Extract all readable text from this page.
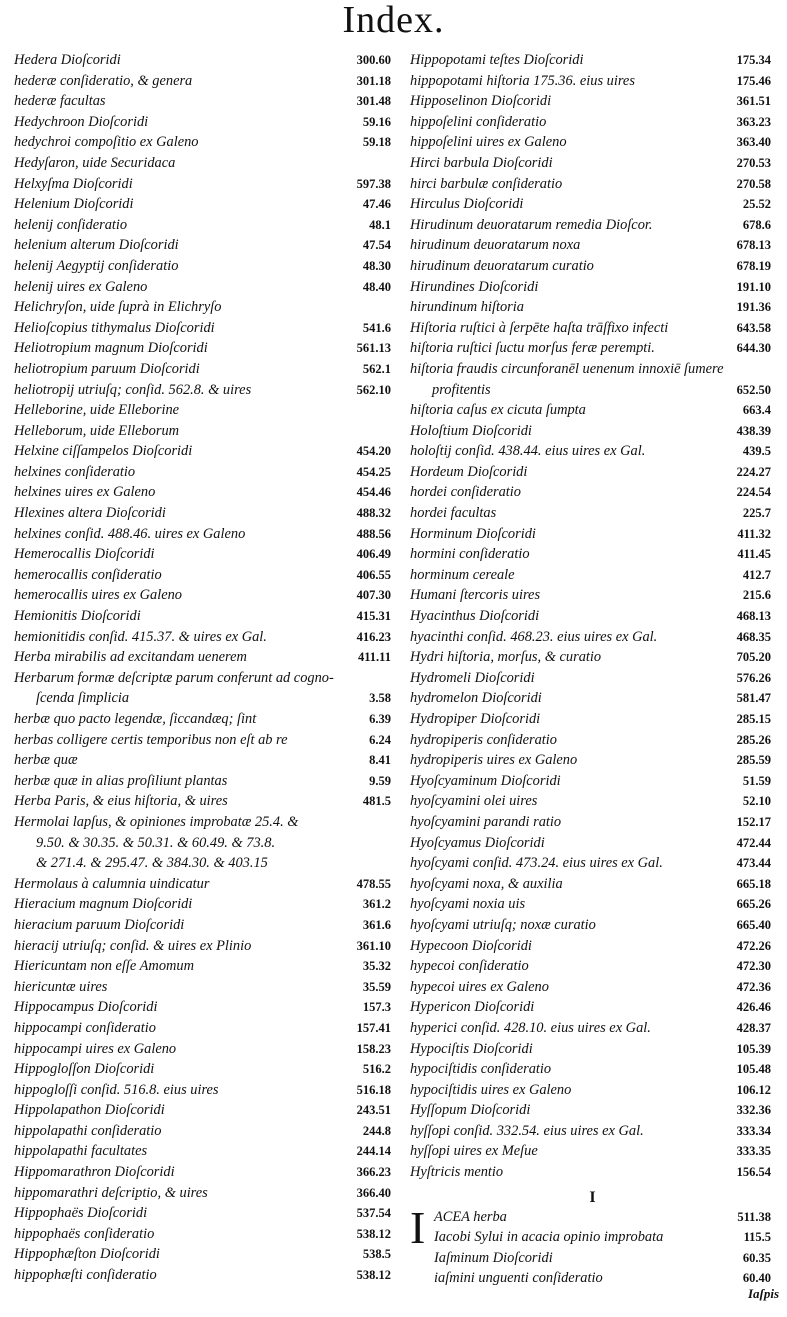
Index.
Hedera Dioſcoridi	300.60
hederæ conſideratio, & genera	301.18
hederæ facultas	301.48
Hedychroon Dioſcoridi	59.16
hedychroi compoſitio ex Galeno	59.18
Hedyſaron, uide Securidaca
Helxyſma Dioſcoridi	597.38
Helenium Dioſcoridi	47.46
helenij conſideratio	48.1
helenium alterum Dioſcoridi	47.54
helenij Aegyptij conſideratio	48.30
helenij uires ex Galeno	48.40
Helichryſon, uide ſuprà in Elichryſo
Helioſcopius tithymalus Dioſcoridi	541.6
Heliotropium magnum Dioſcoridi	561.13
heliotropium paruum Dioſcoridi	562.1
heliotropij utriuſq; conſid. 562.8. & uires	562.10
Helleborine, uide Elleborine
Helleborum, uide Elleborum
Helxine ciſſampelos Dioſcoridi	454.20
helxines conſideratio	454.25
helxines uires ex Galeno	454.46
Hlexines altera Dioſcoridi	488.32
helxines conſid. 488.46. uires ex Galeno	488.56
Hemerocallis Dioſcoridi	406.49
hemerocallis conſideratio	406.55
hemerocallis uires ex Galeno	407.30
Hemionitis Dioſcoridi	415.31
hemionitidis conſid. 415.37. & uires ex Gal.	416.23
Herba mirabilis ad excitandam uenerem	411.11
Herbarum formæ deſcriptæ parum conferunt ad cogno-
ſcenda ſimplicia	3.58
herbæ quo pacto legendæ, ſiccandæq; ſint	6.39
herbas colligere certis temporibus non eſt ab re	6.24
herbæ quæ	8.41
herbæ quæ in alias proſiliunt plantas	9.59
Herba Paris, & eius hiſtoria, & uires	481.5
Hermolai lapſus, & opiniones improbatæ 25.4. &
9.50. & 30.35. & 50.31. & 60.49. & 73.8.
& 271.4. & 295.47. & 384.30. & 403.15
Hermolaus à calumnia uindicatur	478.55
Hieracium magnum Dioſcoridi	361.2
hieracium paruum Dioſcoridi	361.6
hieracij utriuſq; conſid. & uires ex Plinio	361.10
Hiericuntam non eſſe Amomum	35.32
hiericuntæ uires	35.59
Hippocampus Dioſcoridi	157.3
hippocampi conſideratio	157.41
hippocampi uires ex Galeno	158.23
Hippogloſſon Dioſcoridi	516.2
hippogloſſi conſid. 516.8. eius uires	516.18
Hippolapathon Dioſcoridi	243.51
hippolapathi conſideratio	244.8
hippolapathi facultates	244.14
Hippomarathron Dioſcoridi	366.23
hippomarathri deſcriptio, & uires	366.40
Hippophaës Dioſcoridi	537.54
hippophaës conſideratio	538.12
Hippophæſton Dioſcoridi	538.5
hippophæſti conſideratio	538.12
Hippopotami teſtes Dioſcoridi	175.34
hippopotami hiſtoria 175.36. eius uires	175.46
Hipposelinon Dioſcoridi	361.51
hippoſelini conſideratio	363.23
hippoſelini uires ex Galeno	363.40
Hirci barbula Dioſcoridi	270.53
hirci barbulæ conſideratio	270.58
Hirculus Dioſcoridi	25.52
Hirudinum deuoratarum remedia Dioſcor.	678.6
hirudinum deuoratarum noxa	678.13
hirudinum deuoratarum curatio	678.19
Hirundines Dioſcoridi	191.10
hirundinum hiſtoria	191.36
Hiſtoria ruſtici à ſerpēte haſta trāſfixo infecti	643.58
hiſtoria ruſtici ſuctu morſus feræ perempti.	644.30
hiſtoria fraudis circunforanēl uenenum innoxiē ſumere
profitentis	652.50
hiſtoria caſus ex cicuta ſumpta	663.4
Holoſtium Dioſcoridi	438.39
holoſtij conſid. 438.44. eius uires ex Gal.	439.5
Hordeum Dioſcoridi	224.27
hordei conſideratio	224.54
hordei facultas	225.7
Horminum Dioſcoridi	411.32
hormini conſideratio	411.45
horminum cereale	412.7
Humani ſtercoris uires	215.6
Hyacinthus Dioſcoridi	468.13
hyacinthi conſid. 468.23. eius uires ex Gal.	468.35
Hydri hiſtoria, morſus, & curatio	705.20
Hydromeli Dioſcoridi	576.26
hydromelon Dioſcoridi	581.47
Hydropiper Dioſcoridi	285.15
hydropiperis conſideratio	285.26
hydropiperis uires ex Galeno	285.59
Hyoſcyaminum Dioſcoridi	51.59
hyoſcyamini olei uires	52.10
hyoſcyamini parandi ratio	152.17
Hyoſcyamus Dioſcoridi	472.44
hyoſcyami conſid. 473.24. eius uires ex Gal.	473.44
hyoſcyami noxa, & auxilia	665.18
hyoſcyami noxia uis	665.26
hyoſcyami utriuſq; noxæ curatio	665.40
Hypecoon Dioſcoridi	472.26
hypecoi conſideratio	472.30
hypecoi uires ex Galeno	472.36
Hypericon Dioſcoridi	426.46
hyperici conſid. 428.10. eius uires ex Gal.	428.37
Hypociſtis Dioſcoridi	105.39
hypociſtidis conſideratio	105.48
hypociſtidis uires ex Galeno	106.12
Hyſſopum Dioſcoridi	332.36
hyſſopi conſid. 332.54. eius uires ex Gal.	333.34
hyſſopi uires ex Meſue	333.35
Hyſtricis mentio	156.54
I
I ACEA herba	511.38
Iacobi Sylui in acacia opinio improbata	115.5
Iaſminum Dioſcoridi	60.35
iaſmini unguenti conſideratio	60.40
Iaſpis
